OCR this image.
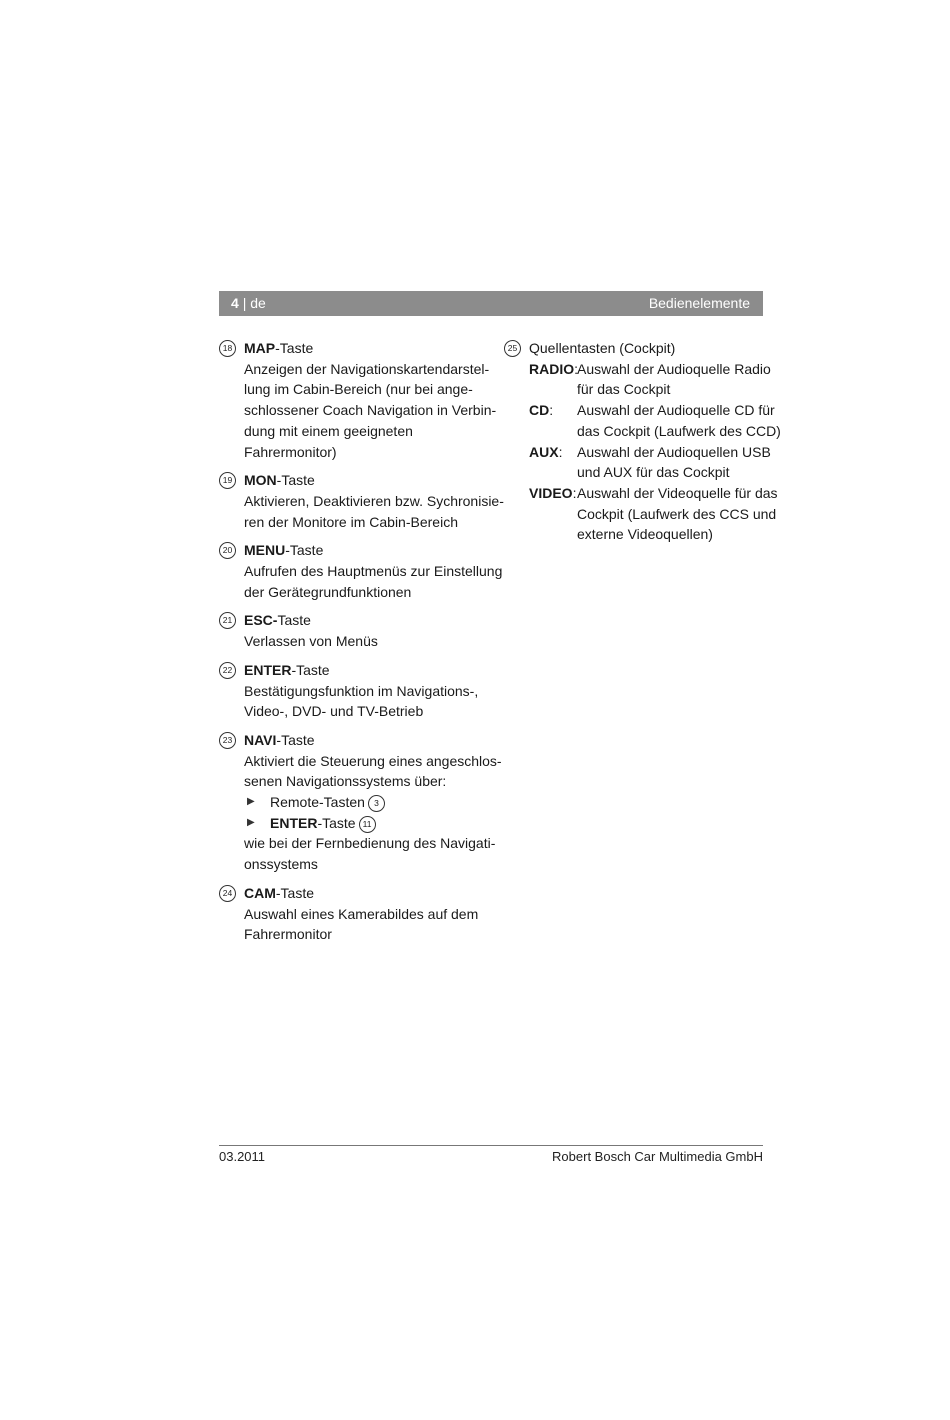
4 | de	Bedienelemente
18 MAP-Taste
Anzeigen der Navigationskartendarstel-
lung im Cabin-Bereich (nur bei ange-
schlossener Coach Navigation in Verbin-
dung mit einem geeigneten
Fahrermonitor)
19 MON-Taste
Aktivieren, Deaktivieren bzw. Sychronisie-
ren der Monitore im Cabin-Bereich
20 MENU-Taste
Aufrufen des Hauptmenüs zur Einstellung
der Gerätegrundfunktionen
21 ESC-Taste
Verlassen von Menüs
22 ENTER-Taste
Bestätigungsfunktion im Navigations-,
Video-, DVD- und TV-Betrieb
23 NAVI-Taste
Aktiviert die Steuerung eines angeschlos-
senen Navigationssystems über:
▶ Remote-Tasten 3
▶ ENTER-Taste 11
wie bei der Fernbedienung des Navigati-
onssystems
24 CAM-Taste
Auswahl eines Kamerabildes auf dem
Fahrermonitor
25 Quellentasten (Cockpit)
RADIO:
Auswahl der Audioquelle Radio
für das Cockpit
CD:	Auswahl der Audioquelle CD für
das Cockpit (Laufwerk des CCD)
AUX:	Auswahl der Audioquellen USB
und AUX für das Cockpit
VIDEO: Auswahl der Videoquelle für das
Cockpit (Laufwerk des CCS und
externe Videoquellen)
03.2011	Robert Bosch Car Multimedia GmbH
